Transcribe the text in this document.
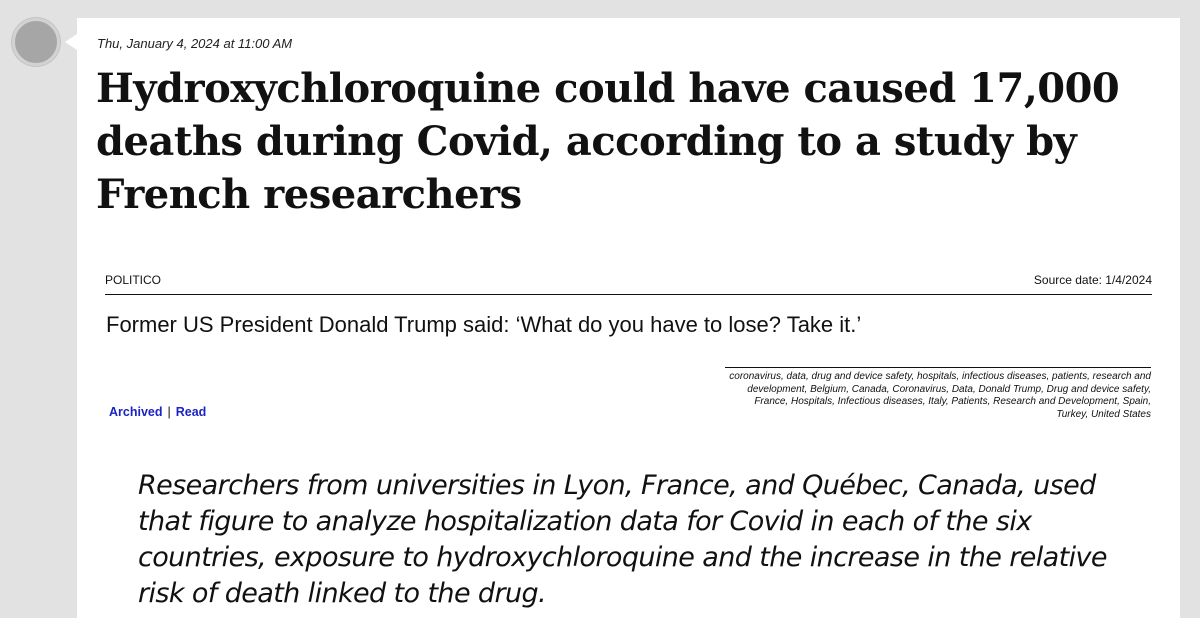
Thu, January 4, 2024 at 11:00 AM
Hydroxychloroquine could have caused 17,000 deaths during Covid, according to a study by French researchers
POLITICO	Source date: 1/4/2024
Former US President Donald Trump said: ‘What do you have to lose? Take it.’
coronavirus, data, drug and device safety, hospitals, infectious diseases, patients, research and development, Belgium, Canada, Coronavirus, Data, Donald Trump, Drug and device safety, France, Hospitals, Infectious diseases, Italy, Patients, Research and Development, Spain, Turkey, United States
Archived | Read

Researchers from universities in Lyon, France, and Québec, Canada, used that figure to analyze hospitalization data for Covid in each of the six countries, exposure to hydroxychloroquine and the increase in the relative risk of death linked to the drug.
